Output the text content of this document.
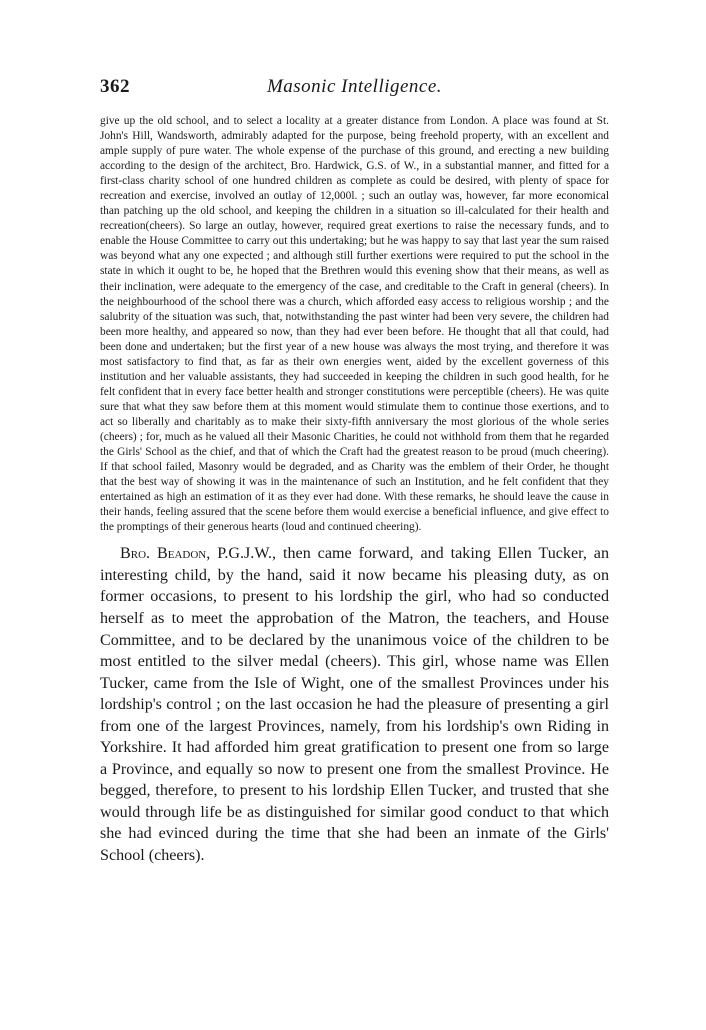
362	Masonic Intelligence.

give up the old school, and to select a locality at a greater distance from London. A place was found at St. John's Hill, Wandsworth, admirably adapted for the purpose, being freehold property, with an excellent and ample supply of pure water. The whole expense of the purchase of this ground, and erecting a new building according to the design of the architect, Bro. Hardwick, G.S. of W., in a substantial manner, and fitted for a first-class charity school of one hundred children as complete as could be desired, with plenty of space for recreation and exercise, involved an outlay of 12,000l. ; such an outlay was, however, far more economical than patching up the old school, and keeping the children in a situation so ill-calculated for their health and recreation(cheers). So large an outlay, however, required great exertions to raise the necessary funds, and to enable the House Committee to carry out this undertaking; but he was happy to say that last year the sum raised was beyond what any one expected ; and although still further exertions were required to put the school in the state in which it ought to be, he hoped that the Brethren would this evening show that their means, as well as their inclination, were adequate to the emergency of the case, and creditable to the Craft in general (cheers). In the neighbourhood of the school there was a church, which afforded easy access to religious worship ; and the salubrity of the situation was such, that, notwithstanding the past winter had been very severe, the children had been more healthy, and appeared so now, than they had ever been before. He thought that all that could, had been done and undertaken; but the first year of a new house was always the most trying, and therefore it was most satisfactory to find that, as far as their own energies went, aided by the excellent governess of this institution and her valuable assistants, they had succeeded in keeping the children in such good health, for he felt confident that in every face better health and stronger constitutions were perceptible (cheers). He was quite sure that what they saw before them at this moment would stimulate them to continue those exertions, and to act so liberally and charitably as to make their sixty-fifth anniversary the most glorious of the whole series (cheers) ; for, much as he valued all their Masonic Charities, he could not withhold from them that he regarded the Girls' School as the chief, and that of which the Craft had the greatest reason to be proud (much cheering). If that school failed, Masonry would be degraded, and as Charity was the emblem of their Order, he thought that the best way of showing it was in the maintenance of such an Institution, and he felt confident that they entertained as high an estimation of it as they ever had done. With these remarks, he should leave the cause in their hands, feeling assured that the scene before them would exercise a beneficial influence, and give effect to the promptings of their generous hearts (loud and continued cheering).

Bro. Beadon, P.G.J.W., then came forward, and taking Ellen Tucker, an interesting child, by the hand, said it now became his pleasing duty, as on former occasions, to present to his lordship the girl, who had so conducted herself as to meet the approbation of the Matron, the teachers, and House Committee, and to be declared by the unanimous voice of the children to be most entitled to the silver medal (cheers). This girl, whose name was Ellen Tucker, came from the Isle of Wight, one of the smallest Provinces under his lordship's control ; on the last occasion he had the pleasure of presenting a girl from one of the largest Provinces, namely, from his lordship's own Riding in Yorkshire. It had afforded him great gratification to present one from so large a Province, and equally so now to present one from the smallest Province. He begged, therefore, to present to his lordship Ellen Tucker, and trusted that she would through life be as distinguished for similar good conduct to that which she had evinced during the time that she had been an inmate of the Girls' School (cheers).
